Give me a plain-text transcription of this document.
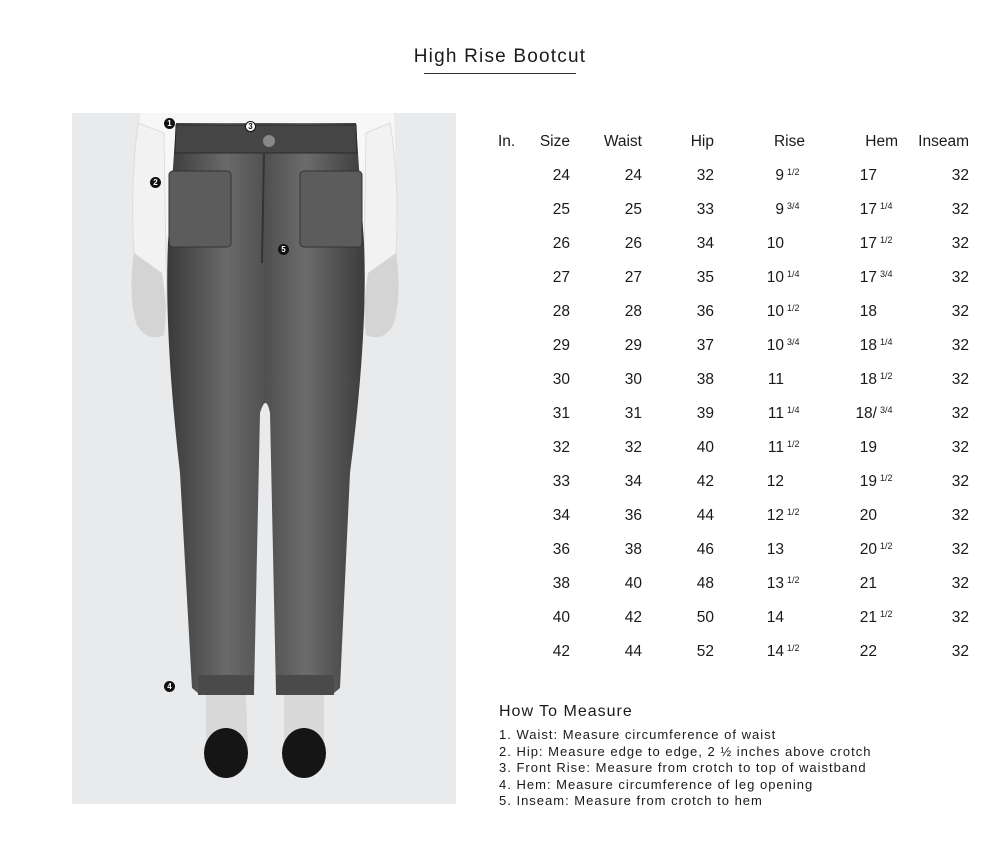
High Rise Bootcut
1
2
3
4
5
In.	Size	Waist	Hip	Rise	Hem	Inseam
	24	24	32	9 1/2	17	32
	25	25	33	9 3/4	17 1/4	32
	26	26	34	10	17 1/2	32
	27	27	35	10 1/4	17 3/4	32
	28	28	36	10 1/2	18	32
	29	29	37	10 3/4	18 1/4	32
	30	30	38	11	18 1/2	32
	31	31	39	11 1/4	18/ 3/4	32
	32	32	40	11 1/2	19	32
	33	34	42	12	19 1/2	32
	34	36	44	12 1/2	20	32
	36	38	46	13	20 1/2	32
	38	40	48	13 1/2	21	32
	40	42	50	14	21 1/2	32
	42	44	52	14 1/2	22	32
How To Measure
1. Waist: Measure circumference of waist
2. Hip: Measure edge to edge, 2 ½ inches above crotch
3. Front Rise: Measure from crotch to top of waistband
4. Hem: Measure circumference of leg opening
5. Inseam: Measure from crotch to hem
